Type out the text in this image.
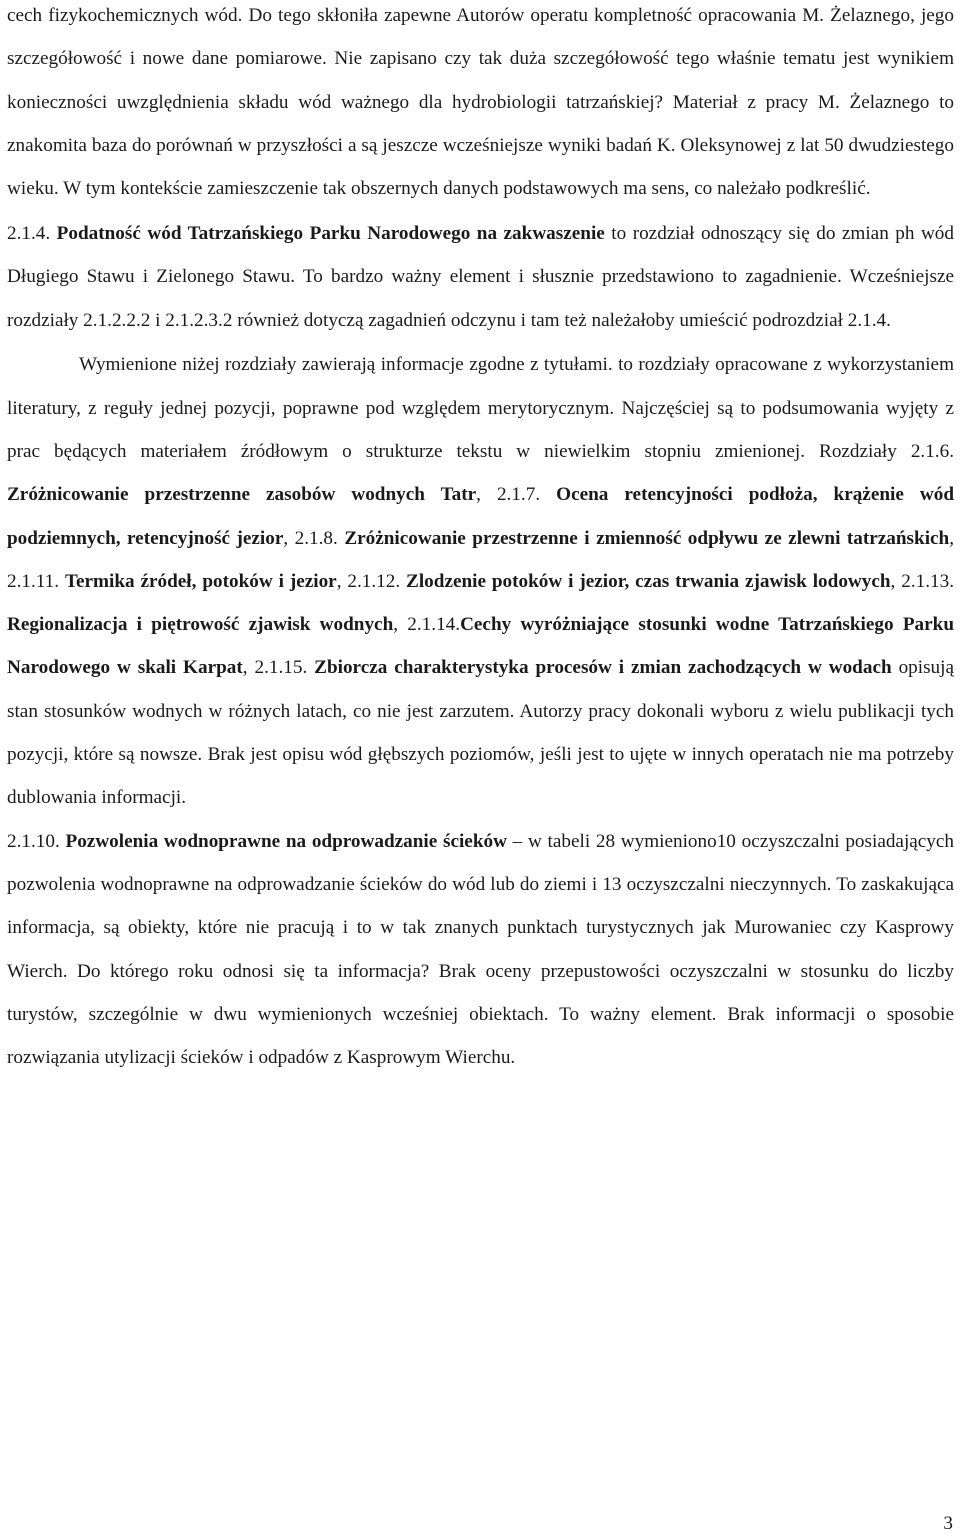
cech fizykochemicznych wód. Do tego skłoniła zapewne Autorów operatu kompletność opracowania M. Żelaznego, jego szczegółowość i nowe dane pomiarowe. Nie zapisano czy tak duża szczegółowość tego właśnie tematu jest wynikiem konieczności uwzględnienia składu wód ważnego dla hydrobiologii tatrzańskiej? Materiał z pracy M. Żelaznego to znakomita baza do porównań w przyszłości a są jeszcze wcześniejsze wyniki badań K. Oleksynowej z lat 50 dwudziestego wieku. W tym kontekście zamieszczenie tak obszernych danych podstawowych ma sens, co należało podkreślić.

2.1.4. Podatność wód Tatrzańskiego Parku Narodowego na zakwaszenie to rozdział odnoszący się do zmian ph wód Długiego Stawu i Zielonego Stawu. To bardzo ważny element i słusznie przedstawiono to zagadnienie. Wcześniejsze rozdziały 2.1.2.2.2 i 2.1.2.3.2 również dotyczą zagadnień odczynu i tam też należałoby umieścić podrozdział 2.1.4.

Wymienione niżej rozdziały zawierają informacje zgodne z tytułami. to rozdziały opracowane z wykorzystaniem literatury, z reguły jednej pozycji, poprawne pod względem merytorycznym. Najczęściej są to podsumowania wyjęty z prac będących materiałem źródłowym o strukturze tekstu w niewielkim stopniu zmienionej. Rozdziały 2.1.6. Zróżnicowanie przestrzenne zasobów wodnych Tatr, 2.1.7. Ocena retencyjności podłoża, krążenie wód podziemnych, retencyjność jezior, 2.1.8. Zróżnicowanie przestrzenne i zmienność odpływu ze zlewni tatrzańskich, 2.1.11. Termika źródeł, potoków i jezior, 2.1.12. Zlodzenie potoków i jezior, czas trwania zjawisk lodowych, 2.1.13. Regionalizacja i piętrowość zjawisk wodnych, 2.1.14.Cechy wyróżniające stosunki wodne Tatrzańskiego Parku Narodowego w skali Karpat, 2.1.15. Zbiorcza charakterystyka procesów i zmian zachodzących w wodach opisują stan stosunków wodnych w różnych latach, co nie jest zarzutem. Autorzy pracy dokonali wyboru z wielu publikacji tych pozycji, które są nowsze. Brak jest opisu wód głębszych poziomów, jeśli jest to ujęte w innych operatach nie ma potrzeby dublowania informacji.

2.1.10. Pozwolenia wodnoprawne na odprowadzanie ścieków – w tabeli 28 wymieniono10 oczyszczalni posiadających pozwolenia wodnoprawne na odprowadzanie ścieków do wód lub do ziemi i 13 oczyszczalni nieczynnych. To zaskakująca informacja, są obiekty, które nie pracują i to w tak znanych punktach turystycznych jak Murowaniec czy Kasprowy Wierch. Do którego roku odnosi się ta informacja? Brak oceny przepustowości oczyszczalni w stosunku do liczby turystów, szczególnie w dwu wymienionych wcześniej obiektach. To ważny element. Brak informacji o sposobie rozwiązania utylizacji ścieków i odpadów z Kasprowym Wierchu.

3
